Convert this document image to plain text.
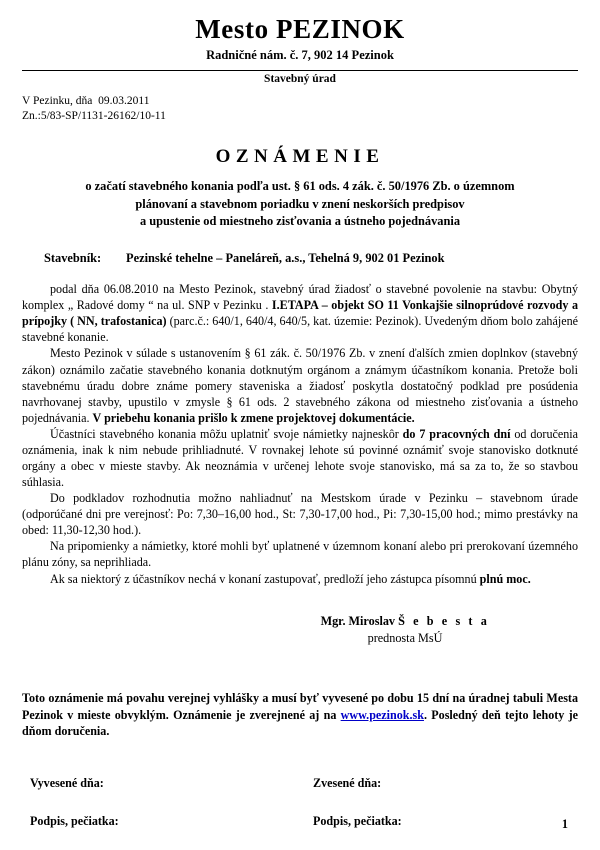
Mesto PEZINOK
Radničné nám. č. 7, 902 14 Pezinok
Stavebný úrad
V Pezinku, dňa  09.03.2011
Zn.:5/83-SP/1131-26162/10-11
OZNÁMENIE
o začatí stavebného konania podľa ust. § 61 ods. 4 zák. č. 50/1976 Zb. o územnom
plánovaní a stavebnom poriadku v znení neskorších predpisov
a upustenie od miestneho zisťovania a ústneho pojednávania
Stavebník: Pezinské tehelne – Paneláreň, a.s., Tehelná 9, 902 01 Pezinok

podal dňa 06.08.2010 na Mesto Pezinok, stavebný úrad žiadosť o stavebné povolenie na stavbu: Obytný komplex „ Radové domy “ na ul. SNP v Pezinku . I.ETAPA – objekt SO 11 Vonkajšie silnoprúdové rozvody a prípojky ( NN, trafostanica) (parc.č.: 640/1, 640/4, 640/5, kat. územie: Pezinok). Uvedeným dňom bolo zahájené stavebné konanie.

Mesto Pezinok v súlade s ustanovením § 61 zák. č. 50/1976 Zb. v znení ďalších zmien doplnkov (stavebný zákon) oznámilo začatie stavebného konania dotknutým orgánom a známym účastníkom konania. Pretože boli stavebnému úradu dobre známe pomery staveniska a žiadosť poskytla dostatočný podklad pre posúdenia navrhovanej stavby, upustilo v zmysle § 61 ods. 2 stavebného zákona od miestneho zisťovania a ústneho pojednávania. V priebehu konania prišlo k zmene projektovej dokumentácie.

Účastníci stavebného konania môžu uplatniť svoje námietky najneskôr do 7 pracovných dní od doručenia oznámenia, inak k nim nebude prihliadnuté. V rovnakej lehote sú povinné oznámiť svoje stanovisko dotknuté orgány a obec v mieste stavby. Ak neoznámia v určenej lehote svoje stanovisko, má sa za to, že so stavbou súhlasia.

Do podkladov rozhodnutia možno nahliadnuť na Mestskom úrade v Pezinku – stavebnom úrade (odporúčané dni pre verejnosť: Po: 7,30–16,00 hod., St: 7,30-17,00 hod., Pi: 7,30-15,00 hod.; mimo prestávky na obed: 11,30-12,30 hod.).

Na pripomienky a námietky, ktoré mohli byť uplatnené v územnom konaní alebo pri prerokovaní územného plánu zóny, sa neprihliada.

Ak sa niektorý z účastníkov nechá v konaní zastupovať, predloží jeho zástupca písomnú plnú moc.

Mgr. Miroslav Š e b e s t a
prednosta MsÚ

Toto oznámenie má povahu verejnej vyhlášky a musí byť vyvesené po dobu 15 dní na úradnej tabuli Mesta Pezinok v mieste obvyklým. Oznámenie je zverejnené aj na www.pezinok.sk. Posledný deň tejto lehoty je dňom doručenia.

Vyvesené dňa:	Zvesené dňa:
Podpis, pečiatka:	Podpis, pečiatka:	1
